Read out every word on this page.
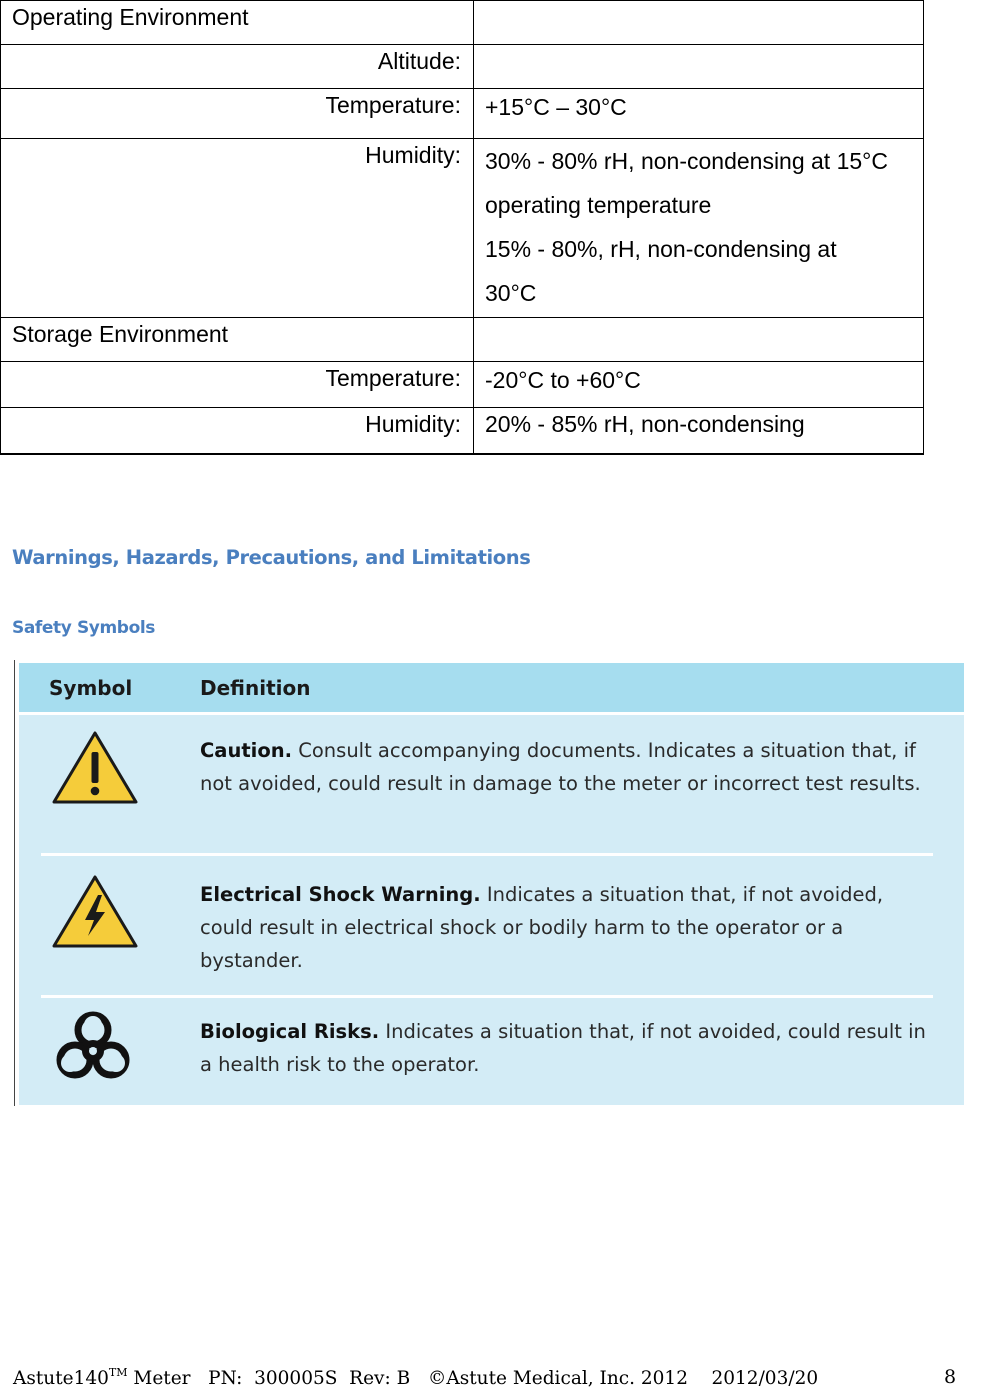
Operating Environment	
Altitude:	
Temperature:	+15°C – 30°C
Humidity:	30% - 80% rH, non-condensing at 15°C
operating temperature
15% - 80%, rH, non-condensing at
30°C

Storage Environment	
Temperature:	-20°C to +60°C
Humidity:	20% - 85% rH, non-condensing
Warnings, Hazards, Precautions, and Limitations
Safety Symbols
Symbol	Definition
Caution. Consult accompanying documents. Indicates a situation that, if not avoided, could result in damage to the meter or incorrect test results.
Electrical Shock Warning. Indicates a situation that, if not avoided, could result in electrical shock or bodily harm to the operator or a bystander.
Biological Risks. Indicates a situation that, if not avoided, could result in a health risk to the operator.
Astute140™ Meter   PN:  300005S  Rev: B   ©Astute Medical, Inc. 2012    2012/03/20	8
